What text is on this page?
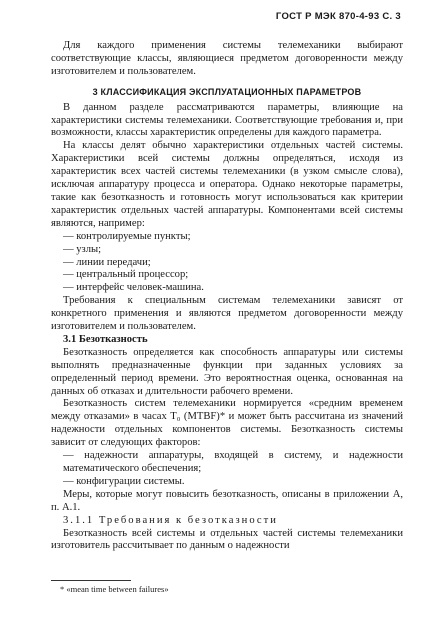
ГОСТ Р МЭК 870-4-93 С. 3

Для каждого применения системы телемеханики выбирают соответствующие классы, являющиеся предметом договоренности между изготовителем и пользователем.

3 КЛАССИФИКАЦИЯ ЭКСПЛУАТАЦИОННЫХ ПАРАМЕТРОВ

В данном разделе рассматриваются параметры, влияющие на характеристики системы телемеханики. Соответствующие требования и, при возможности, классы характеристик определены для каждого параметра.

На классы делят обычно характеристики отдельных частей системы. Характеристики всей системы должны определяться, исходя из характеристик всех частей системы телемеханики (в узком смысле слова), исключая аппаратуру процесса и оператора. Однако некоторые параметры, такие как безотказность и готовность могут использоваться как критерии характеристик отдельных частей аппаратуры. Компонентами всей системы являются, например:

— контролируемые пункты;
— узлы;
— линии передачи;
— центральный процессор;
— интерфейс человек-машина.

Требования к специальным системам телемеханики зависят от конкретного применения и являются предметом договоренности между изготовителем и пользователем.

3.1 Безотказность

Безотказность определяется как способность аппаратуры или системы выполнять предназначенные функции при заданных условиях за определенный период времени. Это вероятностная оценка, основанная на данных об отказах и длительности рабочего времени.

Безотказность систем телемеханики нормируется «средним временем между отказами» в часах T₀ (MTBF)* и может быть рассчитана из значений надежности отдельных компонентов системы. Безотказность системы зависит от следующих факторов:

— надежности аппаратуры, входящей в систему, и надежности математического обеспечения;
— конфигурации системы.

Меры, которые могут повысить безотказность, описаны в приложении А, п. А.1.

3.1.1 Требования к безотказности

Безотказность всей системы и отдельных частей системы телемеханики изготовитель рассчитывает по данным о надежности

* «mean time between failures»
